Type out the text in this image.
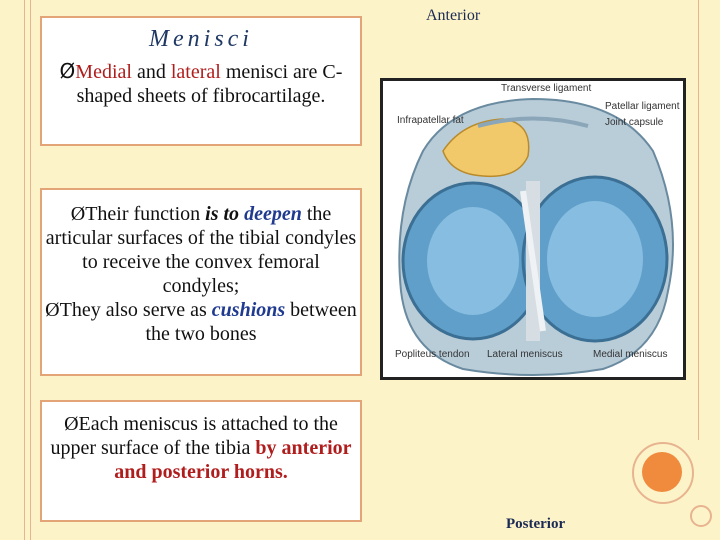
Menisci

ØMedial and lateral menisci are C-shaped sheets of fibrocartilage.

ØTheir function is to deepen the articular surfaces of the tibial condyles to receive the convex femoral condyles;

ØThey also serve as cushions between the two bones

ØEach meniscus is attached to the upper surface of the tibia by anterior and posterior horns.

Anterior
Posterior
Transverse ligament
Infrapatellar fat
Patellar ligament
Joint capsule
Popliteus tendon Lateral meniscus	Medial meniscus
